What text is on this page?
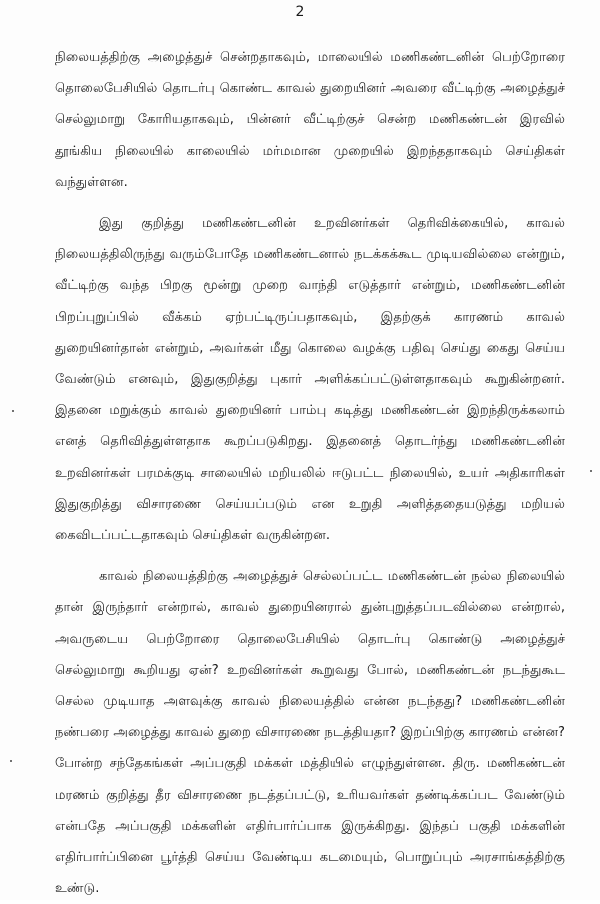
2

நிலையத்திற்கு அழைத்துச் சென்றதாகவும், மாலையில் மணிகண்டனின் பெற்றோரை தொலைபேசியில் தொடர்பு கொண்ட காவல் துறையினர் அவரை வீட்டிற்கு அழைத்துச் செல்லுமாறு கோரியதாகவும், பின்னர் வீட்டிற்குச் சென்ற மணிகண்டன் இரவில் தூங்கிய நிலையில் காலையில் மர்மமான முறையில் இறந்ததாகவும் செய்திகள் வந்துள்ளன.

இது குறித்து மணிகண்டனின் உறவினர்கள் தெரிவிக்கையில், காவல் நிலையத்திலிருந்து வரும்போதே மணிகண்டனால் நடக்கக்கூட முடியவில்லை என்றும், வீட்டிற்கு வந்த பிறகு மூன்று முறை வாந்தி எடுத்தார் என்றும், மணிகண்டனின் பிறப்புறுப்பில் வீக்கம் ஏற்பட்டிருப்பதாகவும், இதற்குக் காரணம் காவல் துறையினர்தான் என்றும், அவர்கள் மீது கொலை வழக்கு பதிவு செய்து கைது செய்ய வேண்டும் எனவும், இதுகுறித்து புகார் அளிக்கப்பட்டுள்ளதாகவும் கூறுகின்றனர். இதனை மறுக்கும் காவல் துறையினர் பாம்பு கடித்து மணிகண்டன் இறந்திருக்கலாம் எனத் தெரிவித்துள்ளதாக கூறப்படுகிறது. இதனைத் தொடர்ந்து மணிகண்டனின் உறவினர்கள் பரமக்குடி சாலையில் மறியலில் ஈடுபட்ட நிலையில், உயர் அதிகாரிகள் இதுகுறித்து விசாரணை செய்யப்படும் என உறுதி அளித்ததையடுத்து மறியல் கைவிடப்பட்டதாகவும் செய்திகள் வருகின்றன.

காவல் நிலையத்திற்கு அழைத்துச் செல்லப்பட்ட மணிகண்டன் நல்ல நிலையில் தான் இருந்தார் என்றால், காவல் துறையினரால் துன்புறுத்தப்படவில்லை என்றால், அவருடைய பெற்றோரை தொலைபேசியில் தொடர்பு கொண்டு அழைத்துச் செல்லுமாறு கூறியது ஏன்? உறவினர்கள் கூறுவது போல், மணிகண்டன் நடந்துகூட செல்ல முடியாத அளவுக்கு காவல் நிலையத்தில் என்ன நடந்தது? மணிகண்டனின் நண்பரை அழைத்து காவல் துறை விசாரணை நடத்தியதா? இறப்பிற்கு காரணம் என்ன? போன்ற சந்தேகங்கள் அப்பகுதி மக்கள் மத்தியில் எழுந்துள்ளன. திரு. மணிகண்டன் மரணம் குறித்து தீர விசாரணை நடத்தப்பட்டு, உரியவர்கள் தண்டிக்கப்பட வேண்டும் என்பதே அப்பகுதி மக்களின் எதிர்பார்ப்பாக இருக்கிறது. இந்தப் பகுதி மக்களின் எதிர்பார்ப்பினை பூர்த்தி செய்ய வேண்டிய கடமையும், பொறுப்பும் அரசாங்கத்திற்கு உண்டு.
